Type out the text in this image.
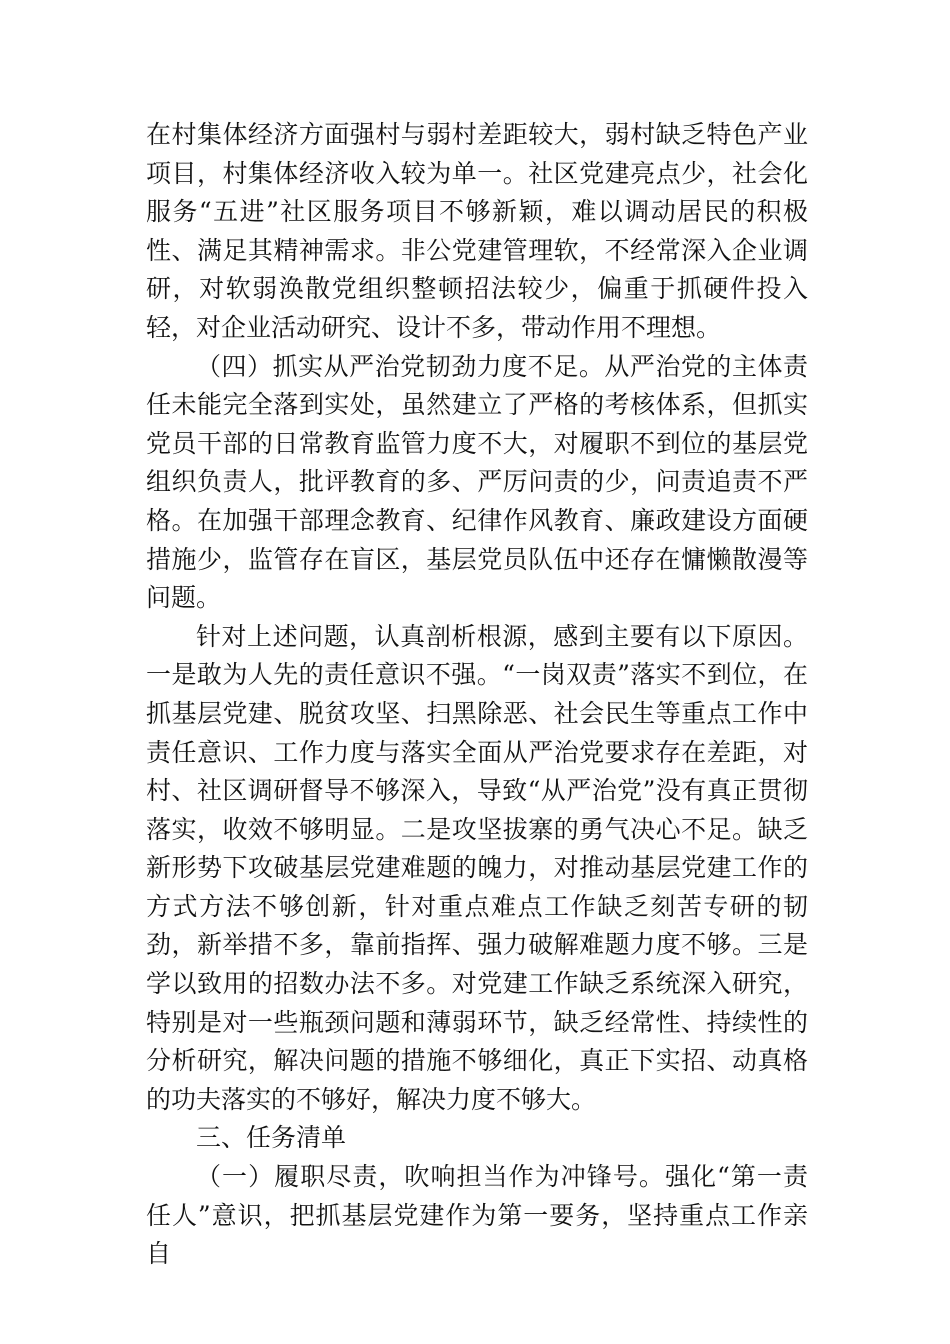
在村集体经济方面强村与弱村差距较大，弱村缺乏特色产业项目，村集体经济收入较为单一。社区党建亮点少，社会化服务“五进”社区服务项目不够新颖，难以调动居民的积极性、满足其精神需求。非公党建管理软，不经常深入企业调研，对软弱涣散党组织整顿招法较少，偏重于抓硬件投入轻，对企业活动研究、设计不多，带动作用不理想。

（四）抓实从严治党韧劲力度不足。从严治党的主体责任未能完全落到实处，虽然建立了严格的考核体系，但抓实党员干部的日常教育监管力度不大，对履职不到位的基层党组织负责人，批评教育的多、严厉问责的少，问责追责不严格。在加强干部理念教育、纪律作风教育、廉政建设方面硬措施少，监管存在盲区，基层党员队伍中还存在慵懒散漫等问题。

针对上述问题，认真剖析根源，感到主要有以下原因。一是敢为人先的责任意识不强。“一岗双责”落实不到位，在抓基层党建、脱贫攻坚、扫黑除恶、社会民生等重点工作中责任意识、工作力度与落实全面从严治党要求存在差距，对村、社区调研督导不够深入，导致“从严治党”没有真正贯彻落实，收效不够明显。二是攻坚拔寨的勇气决心不足。缺乏新形势下攻破基层党建难题的魄力，对推动基层党建工作的方式方法不够创新，针对重点难点工作缺乏刻苦专研的韧劲，新举措不多，靠前指挥、强力破解难题力度不够。三是学以致用的招数办法不多。对党建工作缺乏系统深入研究，特别是对一些瓶颈问题和薄弱环节，缺乏经常性、持续性的分析研究，解决问题的措施不够细化，真正下实招、动真格的功夫落实的不够好，解决力度不够大。

三、任务清单

（一）履职尽责，吹响担当作为冲锋号。强化“第一责任人”意识，把抓基层党建作为第一要务，坚持重点工作亲自
